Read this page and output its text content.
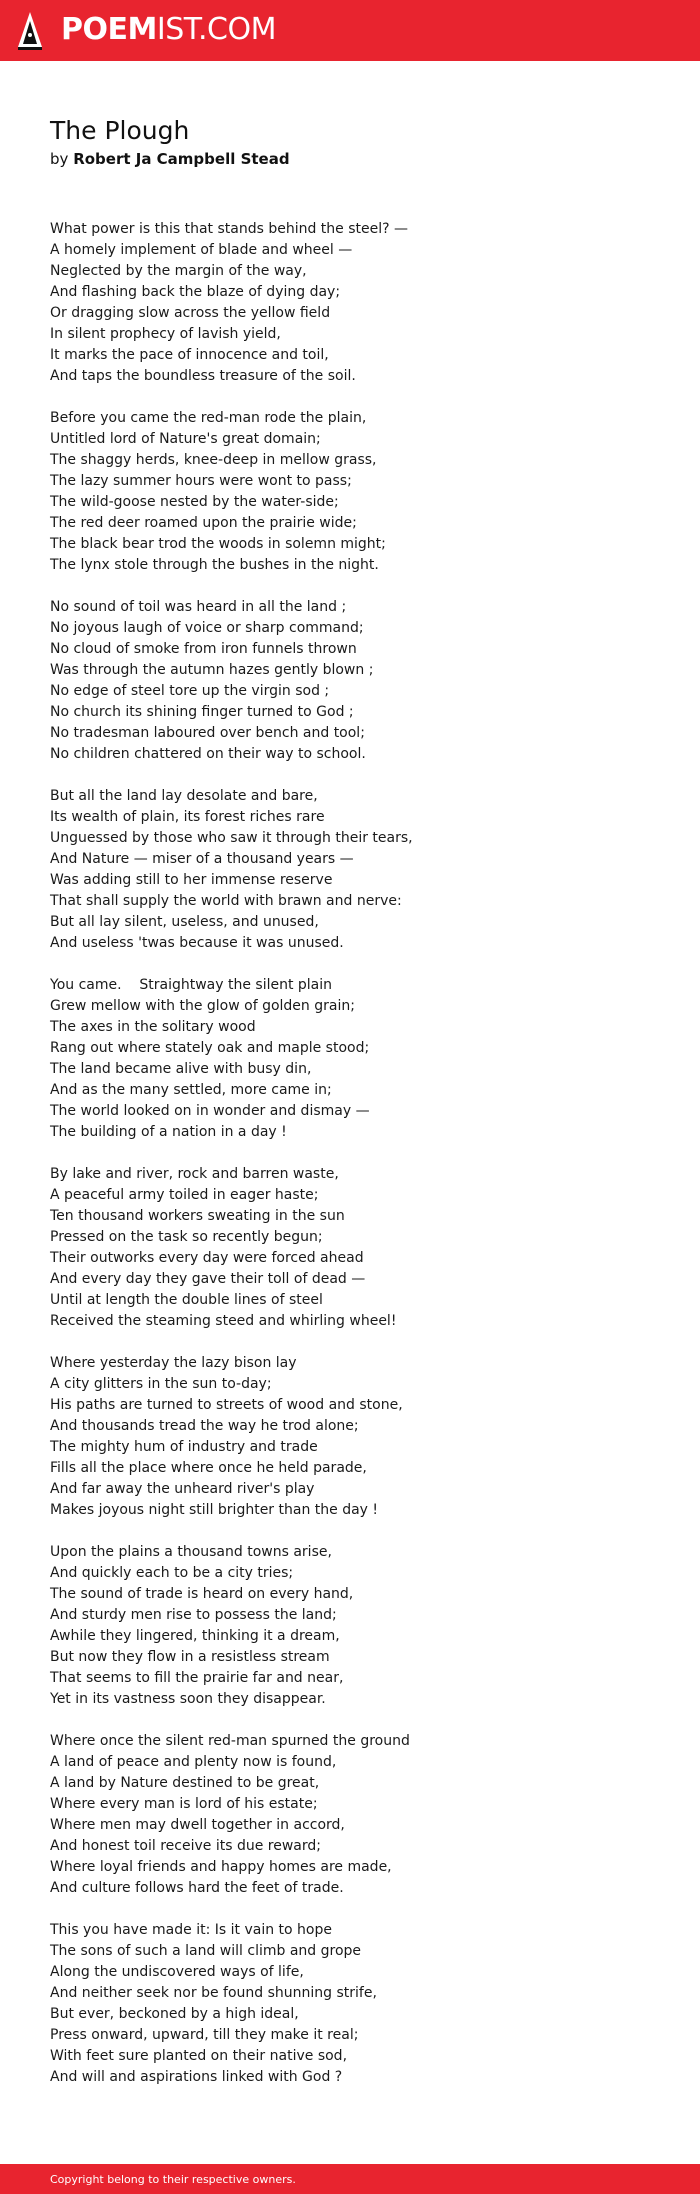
POEMIST.COM
The Plough
by Robert Ja Campbell Stead
What power is this that stands behind the steel? —
A homely implement of blade and wheel —
Neglected by the margin of the way,
And flashing back the blaze of dying day;
Or dragging slow across the yellow field
In silent prophecy of lavish yield,
It marks the pace of innocence and toil,
And taps the boundless treasure of the soil.
Before you came the red-man rode the plain,
Untitled lord of Nature's great domain;
The shaggy herds, knee-deep in mellow grass,
The lazy summer hours were wont to pass;
The wild-goose nested by the water-side;
The red deer roamed upon the prairie wide;
The black bear trod the woods in solemn might;
The lynx stole through the bushes in the night.
No sound of toil was heard in all the land ;
No joyous laugh of voice or sharp command;
No cloud of smoke from iron funnels thrown
Was through the autumn hazes gently blown ;
No edge of steel tore up the virgin sod ;
No church its shining finger turned to God ;
No tradesman laboured over bench and tool;
No children chattered on their way to school.
But all the land lay desolate and bare,
Its wealth of plain, its forest riches rare
Unguessed by those who saw it through their tears,
And Nature — miser of a thousand years —
Was adding still to her immense reserve
That shall supply the world with brawn and nerve:
But all lay silent, useless, and unused,
And useless 'twas because it was unused.
You came.    Straightway the silent plain
Grew mellow with the glow of golden grain;
The axes in the solitary wood
Rang out where stately oak and maple stood;
The land became alive with busy din,
And as the many settled, more came in;
The world looked on in wonder and dismay —
The building of a nation in a day !
By lake and river, rock and barren waste,
A peaceful army toiled in eager haste;
Ten thousand workers sweating in the sun
Pressed on the task so recently begun;
Their outworks every day were forced ahead
And every day they gave their toll of dead —
Until at length the double lines of steel
Received the steaming steed and whirling wheel!
Where yesterday the lazy bison lay
A city glitters in the sun to-day;
His paths are turned to streets of wood and stone,
And thousands tread the way he trod alone;
The mighty hum of industry and trade
Fills all the place where once he held parade,
And far away the unheard river's play
Makes joyous night still brighter than the day !
Upon the plains a thousand towns arise,
And quickly each to be a city tries;
The sound of trade is heard on every hand,
And sturdy men rise to possess the land;
Awhile they lingered, thinking it a dream,
But now they flow in a resistless stream
That seems to fill the prairie far and near,
Yet in its vastness soon they disappear.
Where once the silent red-man spurned the ground
A land of peace and plenty now is found,
A land by Nature destined to be great,
Where every man is lord of his estate;
Where men may dwell together in accord,
And honest toil receive its due reward;
Where loyal friends and happy homes are made,
And culture follows hard the feet of trade.
This you have made it: Is it vain to hope
The sons of such a land will climb and grope
Along the undiscovered ways of life,
And neither seek nor be found shunning strife,
But ever, beckoned by a high ideal,
Press onward, upward, till they make it real;
With feet sure planted on their native sod,
And will and aspirations linked with God ?
Copyright belong to their respective owners.
